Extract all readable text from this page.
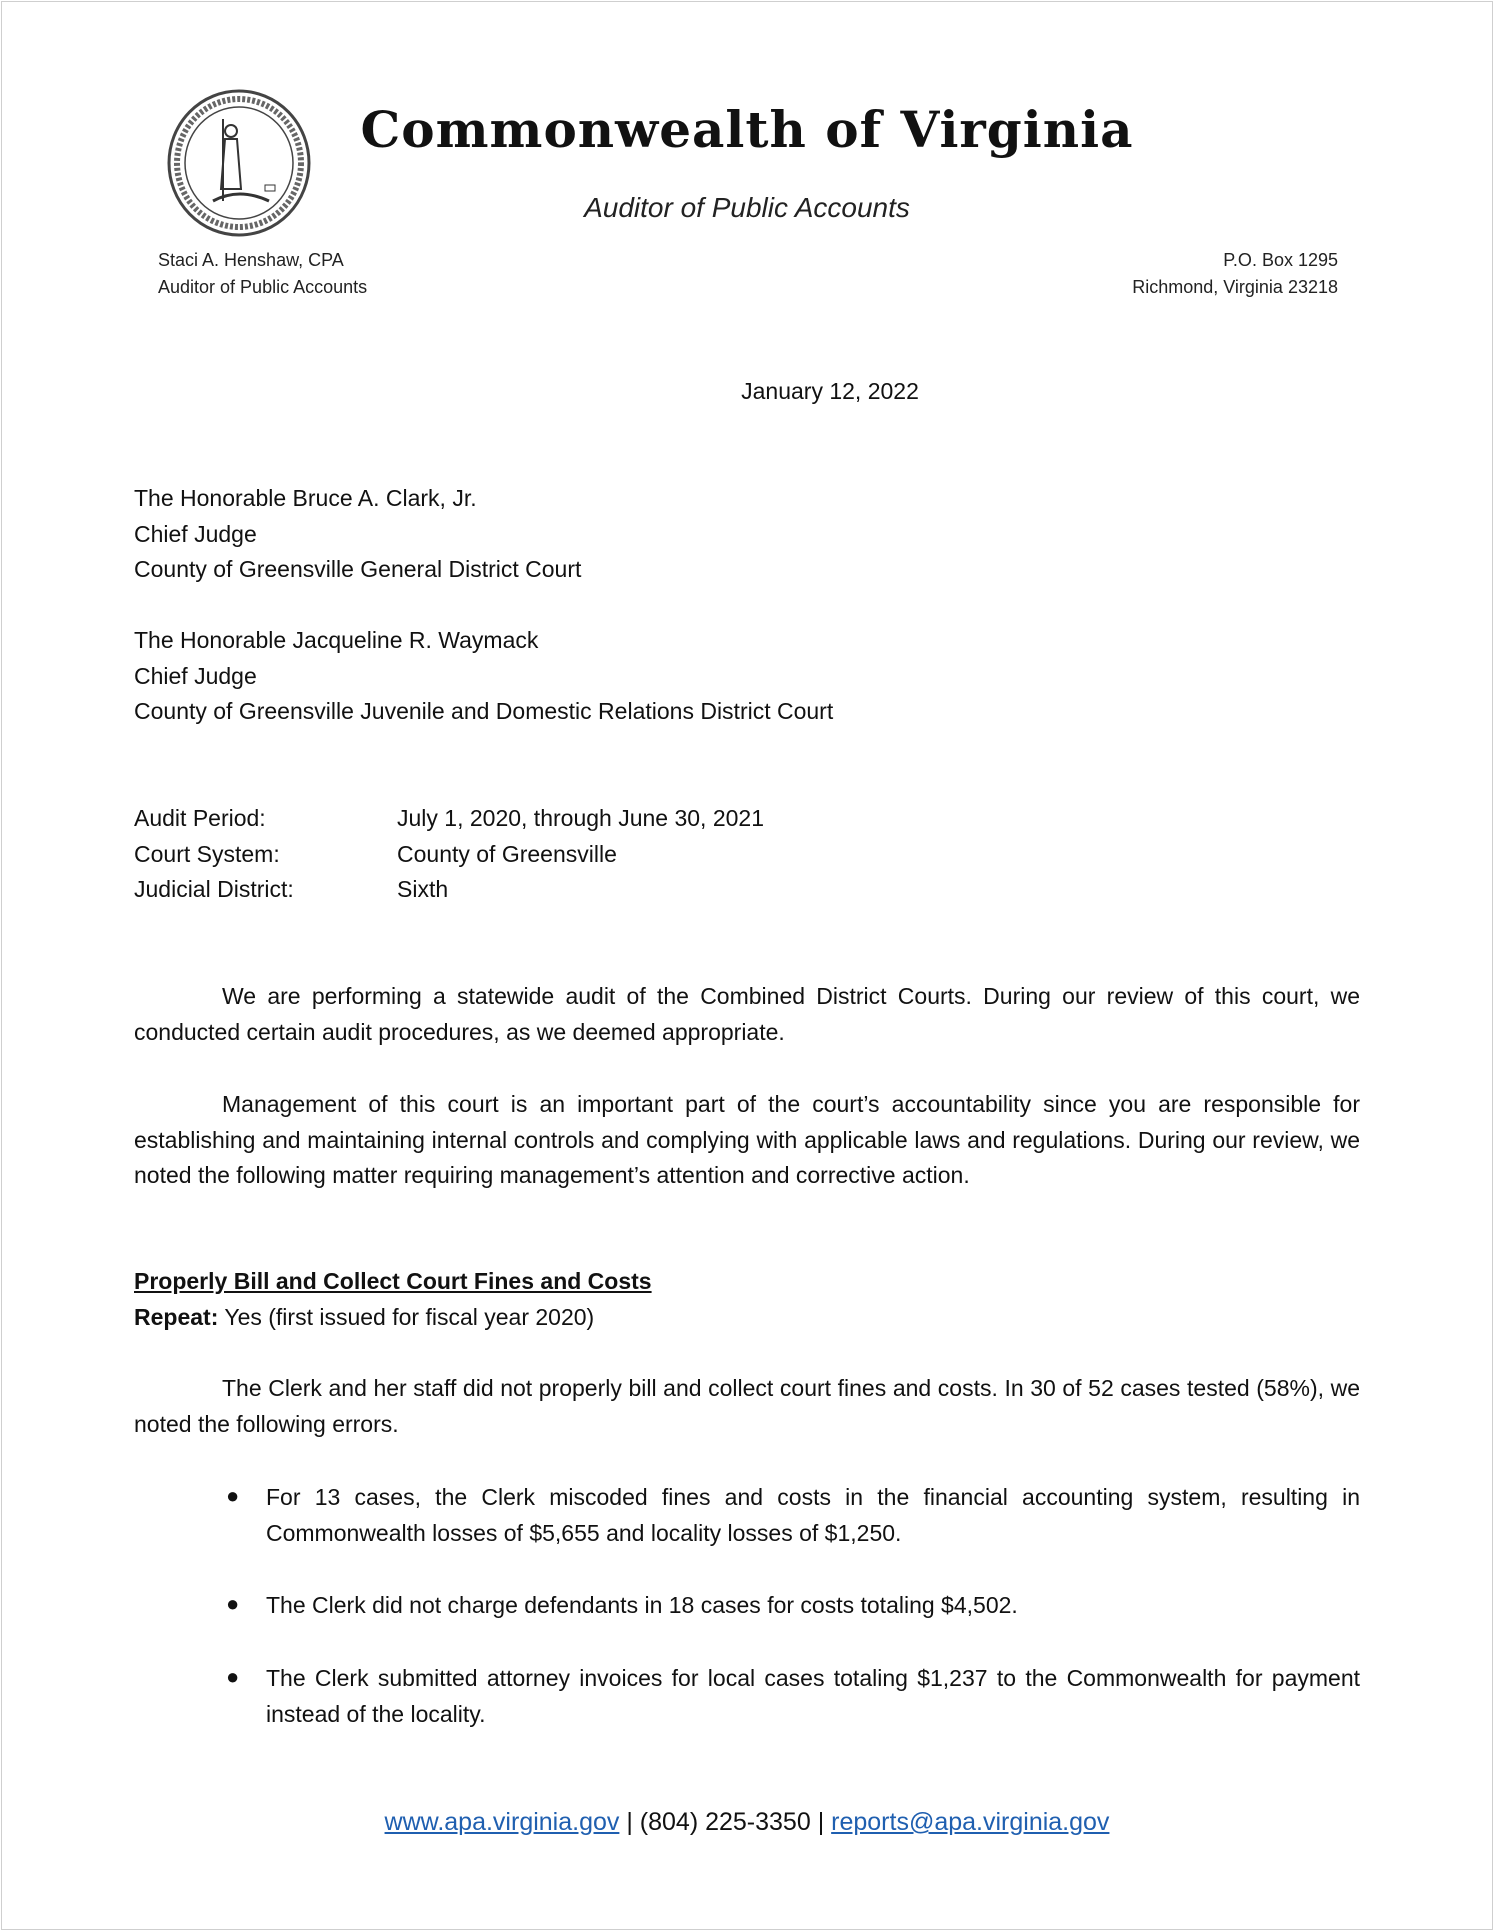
Commonwealth of Virginia
Auditor of Public Accounts
Staci A. Henshaw, CPA
Auditor of Public Accounts
P.O. Box 1295
Richmond, Virginia 23218
January 12, 2022
The Honorable Bruce A. Clark, Jr.
Chief Judge
County of Greensville General District Court
The Honorable Jacqueline R. Waymack
Chief Judge
County of Greensville Juvenile and Domestic Relations District Court
Audit Period:	July 1, 2020, through June 30, 2021
Court System:	County of Greensville
Judicial District:	Sixth
We are performing a statewide audit of the Combined District Courts. During our review of this court, we conducted certain audit procedures, as we deemed appropriate.
Management of this court is an important part of the court’s accountability since you are responsible for establishing and maintaining internal controls and complying with applicable laws and regulations. During our review, we noted the following matter requiring management’s attention and corrective action.
Properly Bill and Collect Court Fines and Costs
Repeat: Yes (first issued for fiscal year 2020)
The Clerk and her staff did not properly bill and collect court fines and costs. In 30 of 52 cases tested (58%), we noted the following errors.
● For 13 cases, the Clerk miscoded fines and costs in the financial accounting system, resulting in Commonwealth losses of $5,655 and locality losses of $1,250.
● The Clerk did not charge defendants in 18 cases for costs totaling $4,502.
● The Clerk submitted attorney invoices for local cases totaling $1,237 to the Commonwealth for payment instead of the locality.
www.apa.virginia.gov | (804) 225-3350 | reports@apa.virginia.gov
